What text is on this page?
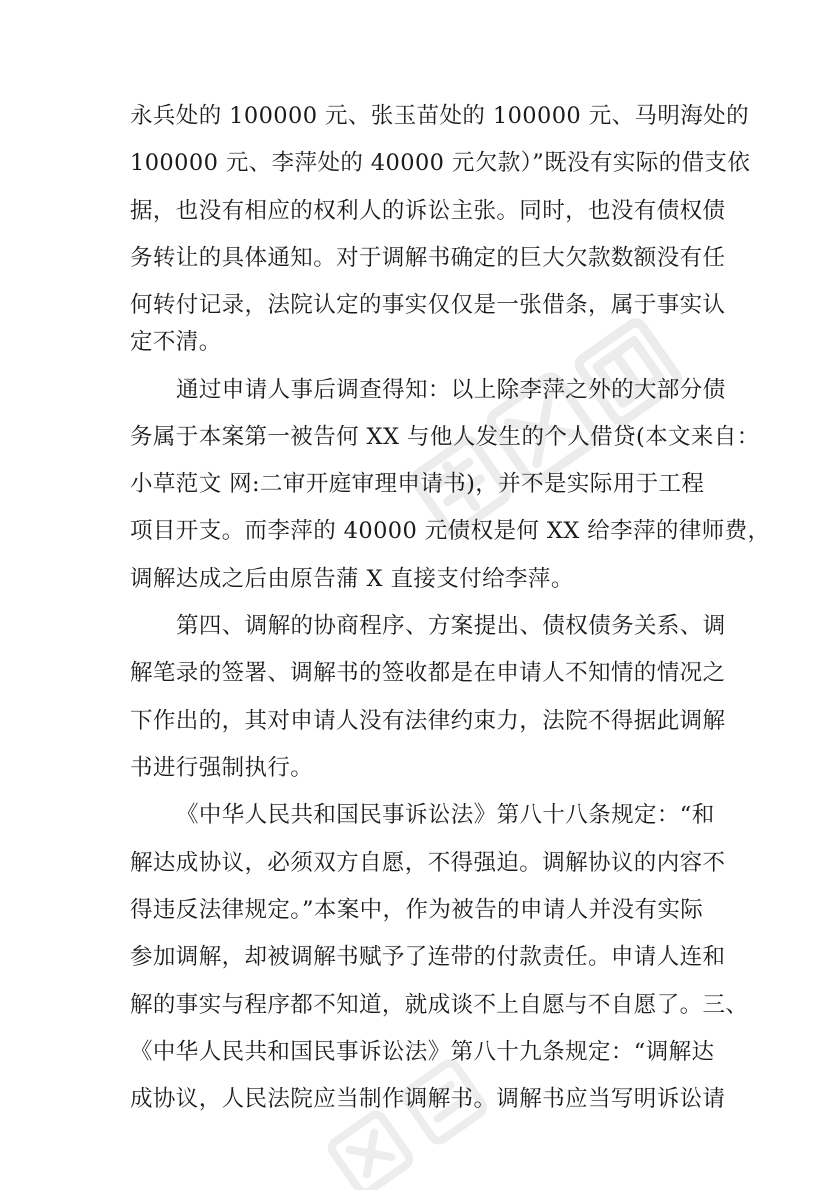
永兵处的 100000 元、张玉苗处的 100000 元、马明海处的
100000 元、李萍处的 40000 元欠款）”既没有实际的借支依
据，也没有相应的权利人的诉讼主张。同时，也没有债权债
务转让的具体通知。对于调解书确定的巨大欠款数额没有任
何转付记录，法院认定的事实仅仅是一张借条，属于事实认
定不清。
通过申请人事后调查得知：以上除李萍之外的大部分债
务属于本案第一被告何 XX 与他人发生的个人借贷(本文来自：
小草范文 网:二审开庭审理申请书)，并不是实际用于工程
项目开支。而李萍的 40000 元债权是何 XX 给李萍的律师费，
调解达成之后由原告蒲 X 直接支付给李萍。
第四、调解的协商程序、方案提出、债权债务关系、调
解笔录的签署、调解书的签收都是在申请人不知情的情况之
下作出的，其对申请人没有法律约束力，法院不得据此调解
书进行强制执行。
《中华人民共和国民事诉讼法》第八十八条规定：“和
解达成协议，必须双方自愿，不得强迫。调解协议的内容不
得违反法律规定。”本案中，作为被告的申请人并没有实际
参加调解，却被调解书赋予了连带的付款责任。申请人连和
解的事实与程序都不知道，就成谈不上自愿与不自愿了。三、
《中华人民共和国民事诉讼法》第八十九条规定：“调解达
成协议，人民法院应当制作调解书。调解书应当写明诉讼请
